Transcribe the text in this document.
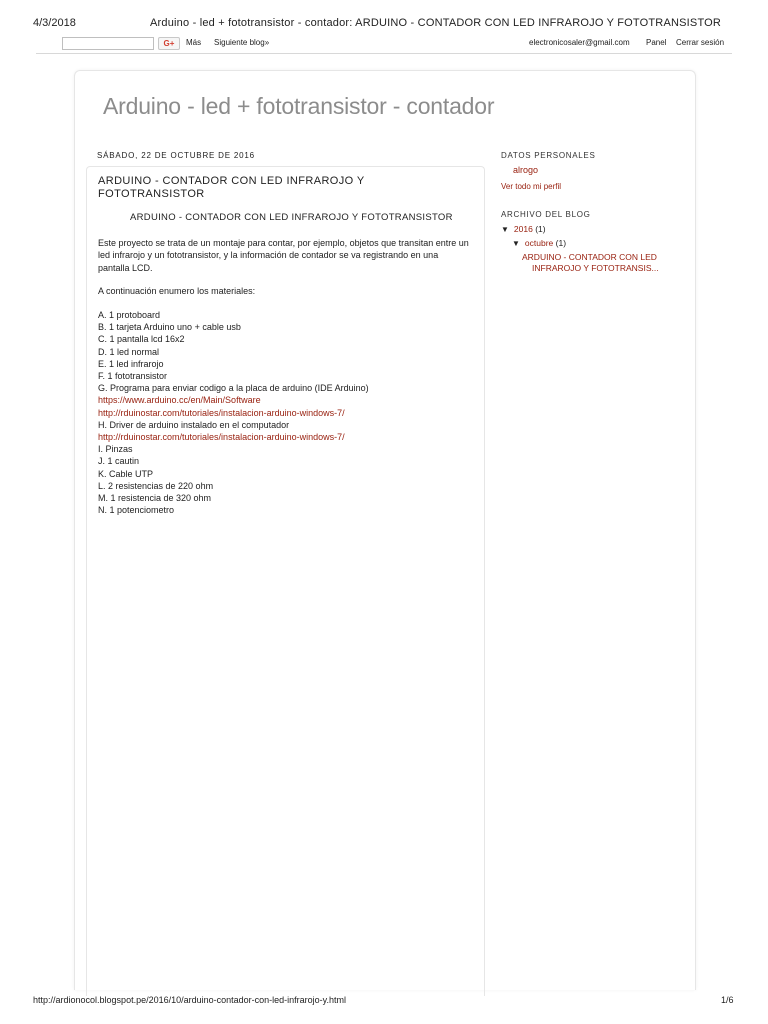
4/3/2018	Arduino - led + fototransistor - contador: ARDUINO - CONTADOR CON LED INFRAROJO Y FOTOTRANSISTOR
G+	Más Siguiente blog»	electronicosaler@gmail.com Panel Cerrar sesión
Arduino - led + fototransistor - contador
SÁBADO, 22 DE OCTUBRE DE 2016
ARDUINO - CONTADOR CON LED INFRAROJO Y FOTOTRANSISTOR
ARDUINO - CONTADOR CON LED INFRAROJO Y FOTOTRANSISTOR
Este proyecto se trata de un montaje para contar, por ejemplo, objetos que transitan entre un led infrarojo y un fototransistor, y la información de contador se va registrando en una pantalla LCD.
A continuación enumero los materiales:
A. 1 protoboard
B. 1 tarjeta Arduino uno + cable usb
C. 1 pantalla lcd 16x2
D. 1 led normal
E. 1 led infrarojo
F. 1 fototransistor
G. Programa para enviar codigo a la placa de arduino (IDE Arduino)
https://www.arduino.cc/en/Main/Software
http://rduinostar.com/tutoriales/instalacion-arduino-windows-7/
H. Driver de arduino instalado en el computador
http://rduinostar.com/tutoriales/instalacion-arduino-windows-7/
I. Pinzas
J. 1 cautin
K. Cable UTP
L. 2 resistencias de 220 ohm
M. 1 resistencia de 320 ohm
N. 1 potenciometro
DATOS PERSONALES
alrogo
Ver todo mi perfil
ARCHIVO DEL BLOG
▼ 2016 (1)
▼ octubre (1)
ARDUINO - CONTADOR CON LED
INFRAROJO Y FOTOTRANSIS...
http://ardionocol.blogspot.pe/2016/10/arduino-contador-con-led-infrarojo-y.html	1/6
